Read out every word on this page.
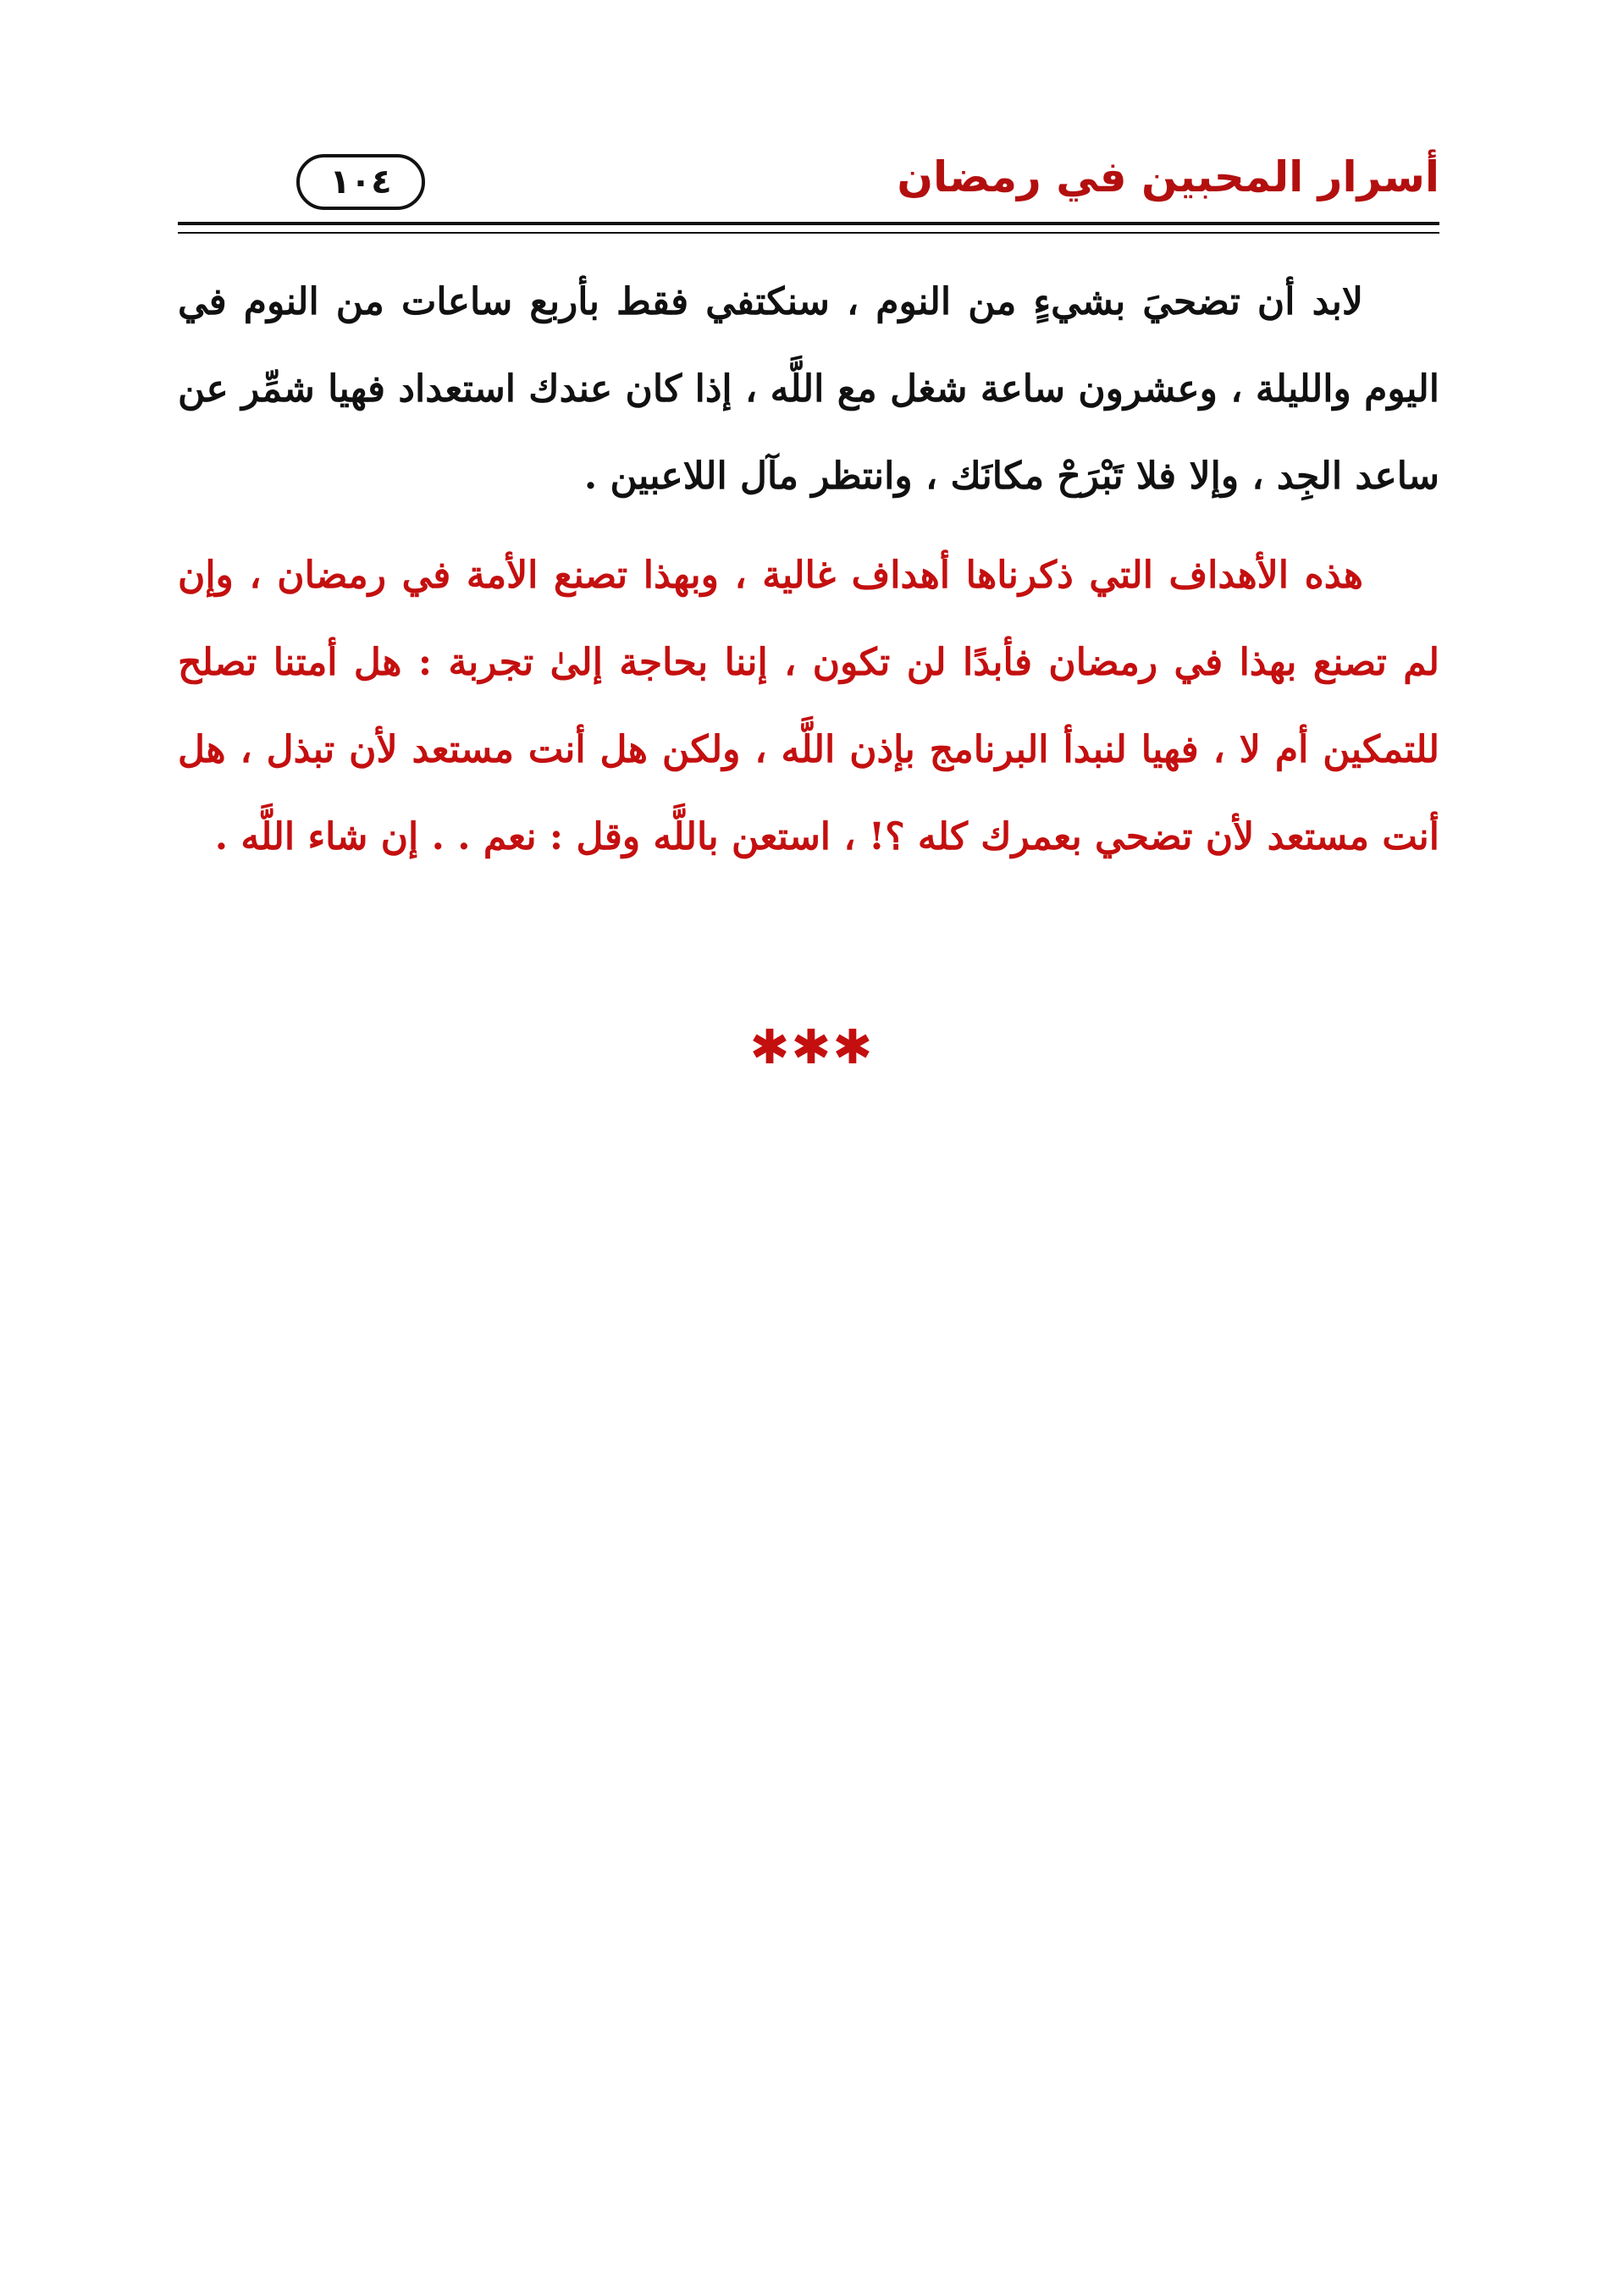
أسرار المحبين في رمضان
١٠٤

لابد أن تضحيَ بشيءٍ من النوم ، سنكتفي فقط بأربع ساعات من النوم في اليوم والليلة ، وعشرون ساعة شغل مع اللَّه ، إذا كان عندك استعداد فهيا شمِّر عن ساعد الجِد ، وإلا فلا تَبْرَحْ مكانَك ، وانتظر مآل اللاعبين .

هذه الأهداف التي ذكرناها أهداف غالية ، وبهذا تصنع الأمة في رمضان ، وإن لم تصنع بهذا في رمضان فأبدًا لن تكون ، إننا بحاجة إلىٰ تجربة : هل أمتنا تصلح للتمكين أم لا ، فهيا لنبدأ البرنامج بإذن اللَّه ، ولكن هل أنت مستعد لأن تبذل ، هل أنت مستعد لأن تضحي بعمرك كله ؟! ، استعن باللَّه وقل : نعم . . إن شاء اللَّه .

✱✱✱
